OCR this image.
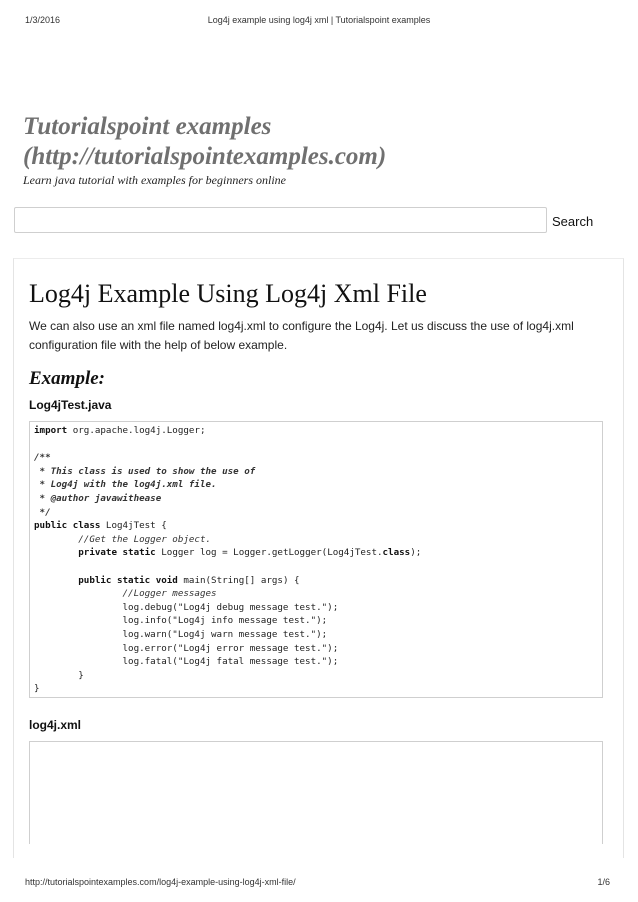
1/3/2016	Log4j example using log4j xml | Tutorialspoint examples
Tutorialspoint examples
(http://tutorialspointexamples.com)
Learn java tutorial with examples for beginners online
Search
Log4j Example Using Log4j Xml File

We can also use an xml file named log4j.xml to configure the Log4j. Let us discuss the use of log4j.xml configuration file with the help of below example.

Example:
Log4jTest.java
import org.apache.log4j.Logger;

/**
* This class is used to show the use of
* Log4j with the log4j.xml file.
* @author javawithease
*/
public class Log4jTest {
//Get the Logger object.
private static Logger log = Logger.getLogger(Log4jTest.class);

public static void main(String[] args) {
//Logger messages
log.debug("Log4j debug message test.");
log.info("Log4j info message test.");
log.warn("Log4j warn message test.");
log.error("Log4j error message test.");
log.fatal("Log4j fatal message test.");
}
}
log4j.xml
http://tutorialspointexamples.com/log4j-example-using-log4j-xml-file/	1/6
